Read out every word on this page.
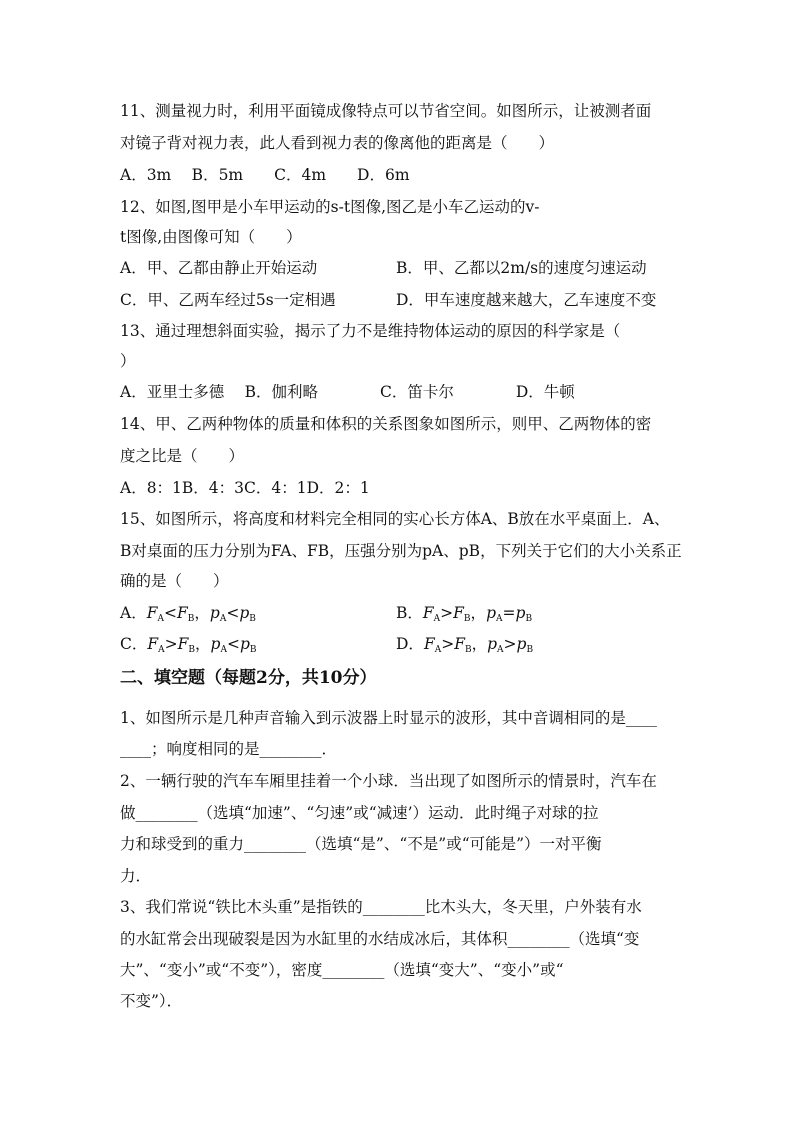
11、测量视力时，利用平面镜成像特点可以节省空间。如图所示，让被测者面
对镜子背对视力表，此人看到视力表的像离他的距离是（　　）
A．3m　 B．5m　　C．4m　　D．6m
12、如图,图甲是小车甲运动的s-t图像,图乙是小车乙运动的v-
t图像,由图像可知（　　）
A．甲、乙都由静止开始运动	B．甲、乙都以2m/s的速度匀速运动
C．甲、乙两车经过5s一定相遇	D．甲车速度越来越大，乙车速度不变
13、通过理想斜面实验，揭示了力不是维持物体运动的原因的科学家是（
）
A．亚里士多德　 B．伽利略　　　　C．笛卡尔　　　　D．牛顿
14、甲、乙两种物体的质量和体积的关系图象如图所示，则甲、乙两物体的密
度之比是（　　）
A．8：1B．4：3C．4：1D．2：1
15、如图所示，将高度和材料完全相同的实心长方体A、B放在水平桌面上．A、
B对桌面的压力分别为FA、FB，压强分别为pA、pB，下列关于它们的大小关系正
确的是（　　）
A．$F_A<F_B$，$p_A<p_B$	B．$F_A>F_B$，$p_A=p_B$
C．$F_A>F_B$，$p_A<p_B$	D．$F_A>F_B$，$p_A>p_B$
二、填空题（每题2分，共10分）
1、如图所示是几种声音输入到示波器上时显示的波形，其中音调相同的是____
____；响度相同的是________．
2、一辆行驶的汽车车厢里挂着一个小球．当出现了如图所示的情景时，汽车在
做________（选填“加速”、“匀速”或“减速’）运动．此时绳子对球的拉
力和球受到的重力________（选填“是”、“不是”或“可能是”）一对平衡
力．
3、我们常说“铁比木头重”是指铁的________比木头大，冬天里，户外装有水
的水缸常会出现破裂是因为水缸里的水结成冰后，其体积________（选填“变
大”、“变小”或“不变”），密度________（选填“变大”、“变小”或“
不变”）．
